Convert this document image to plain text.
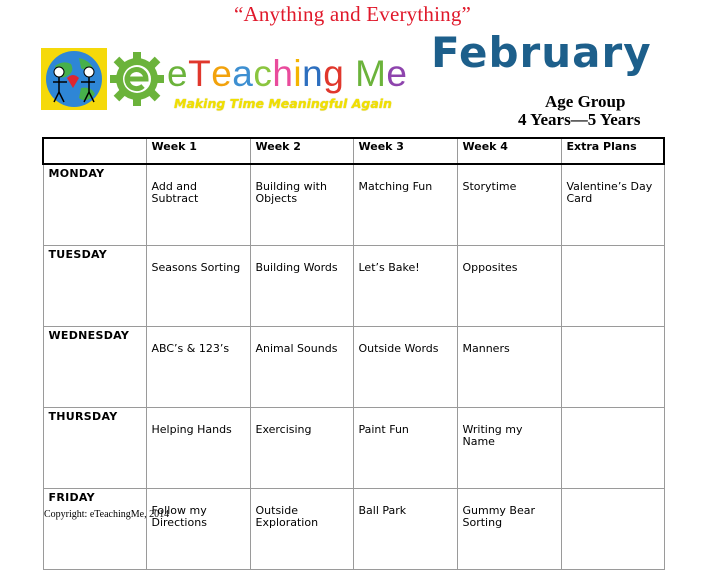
“Anything and Everything”
eTeaching Me
Making Time Meaningful Again
February
Age Group
4 Years—5 Years
	Week 1	Week 2	Week 3	Week 4	Extra Plans
MONDAY	Add and Subtract	Building with Objects	Matching Fun	Storytime	Valentine’s Day Card
TUESDAY	Seasons Sorting	Building Words	Let’s Bake!	Opposites	
WEDNESDAY	ABC’s & 123’s	Animal Sounds	Outside Words	Manners	
THURSDAY	Helping Hands	Exercising	Paint Fun	Writing my Name	
FRIDAY	Follow my Directions	Outside Exploration	Ball Park	Gummy Bear Sorting	
Copyright: eTeachingMe, 2014
